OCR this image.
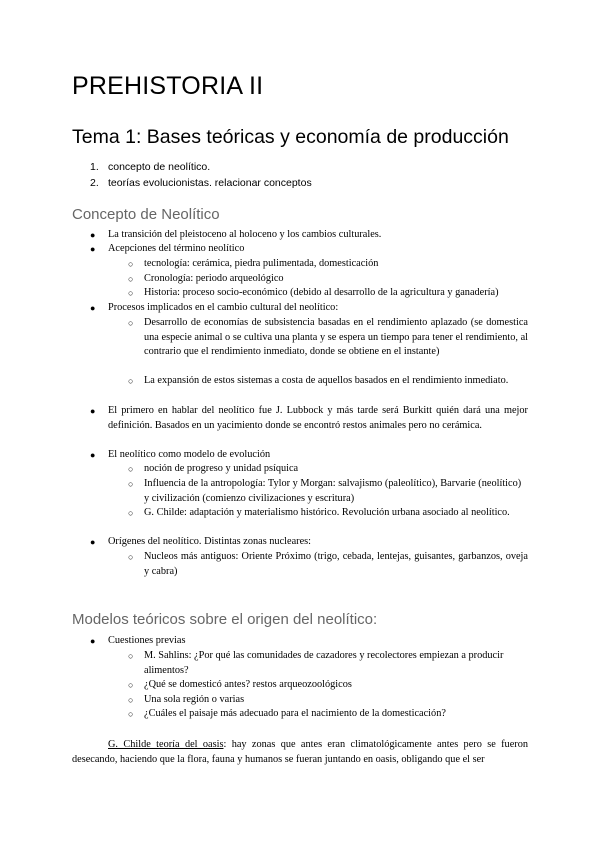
PREHISTORIA II
Tema 1: Bases teóricas y economía de producción
1. concepto de neolítico.
2. teorías evolucionistas. relacionar conceptos
Concepto de Neolítico
● La transición del pleistoceno al holoceno y los cambios culturales.
● Acepciones del término neolítico
○ tecnología: cerámica, piedra pulimentada, domesticación
○ Cronología: periodo arqueológico
○ Historia: proceso socio-económico (debido al desarrollo de la agricultura y ganadería)
● Procesos implicados en el cambio cultural del neolítico:
○ Desarrollo de economías de subsistencia basadas en el rendimiento aplazado (se domestica una especie animal o se cultiva una planta y se espera un tiempo para tener el rendimiento, al contrario que el rendimiento inmediato, donde se obtiene en el instante)
○ La expansión de estos sistemas a costa de aquellos basados en el rendimiento inmediato.
● El primero en hablar del neolítico fue J. Lubbock y más tarde será Burkitt quién dará una mejor definición. Basados en un yacimiento donde se encontró restos animales pero no cerámica.
● El neolítico como modelo de evolución
○ noción de progreso y unidad psíquica
○ Influencia de la antropología: Tylor y Morgan: salvajismo (paleolítico), Barvarie (neolítico) y civilización (comienzo civilizaciones y escritura)
○ G. Childe: adaptación y materialismo histórico. Revolución urbana asociado al neolítico.
● Orígenes del neolítico. Distintas zonas nucleares:
○ Nucleos más antiguos: Oriente Próximo (trigo, cebada, lentejas, guisantes, garbanzos, oveja y cabra)
Modelos teóricos sobre el origen del neolítico:
● Cuestiones previas
○ M. Sahlins: ¿Por qué las comunidades de cazadores y recolectores empiezan a producir alimentos?
○ ¿Qué se domesticó antes? restos arqueozoológicos
○ Una sola región o varias
○ ¿Cuáles el paisaje más adecuado para el nacimiento de la domesticación?
G. Childe teoría del oasis: hay zonas que antes eran climatológicamente antes pero se fueron desecando, haciendo que la flora, fauna y humanos se fueran juntando en oasis, obligando que el ser
